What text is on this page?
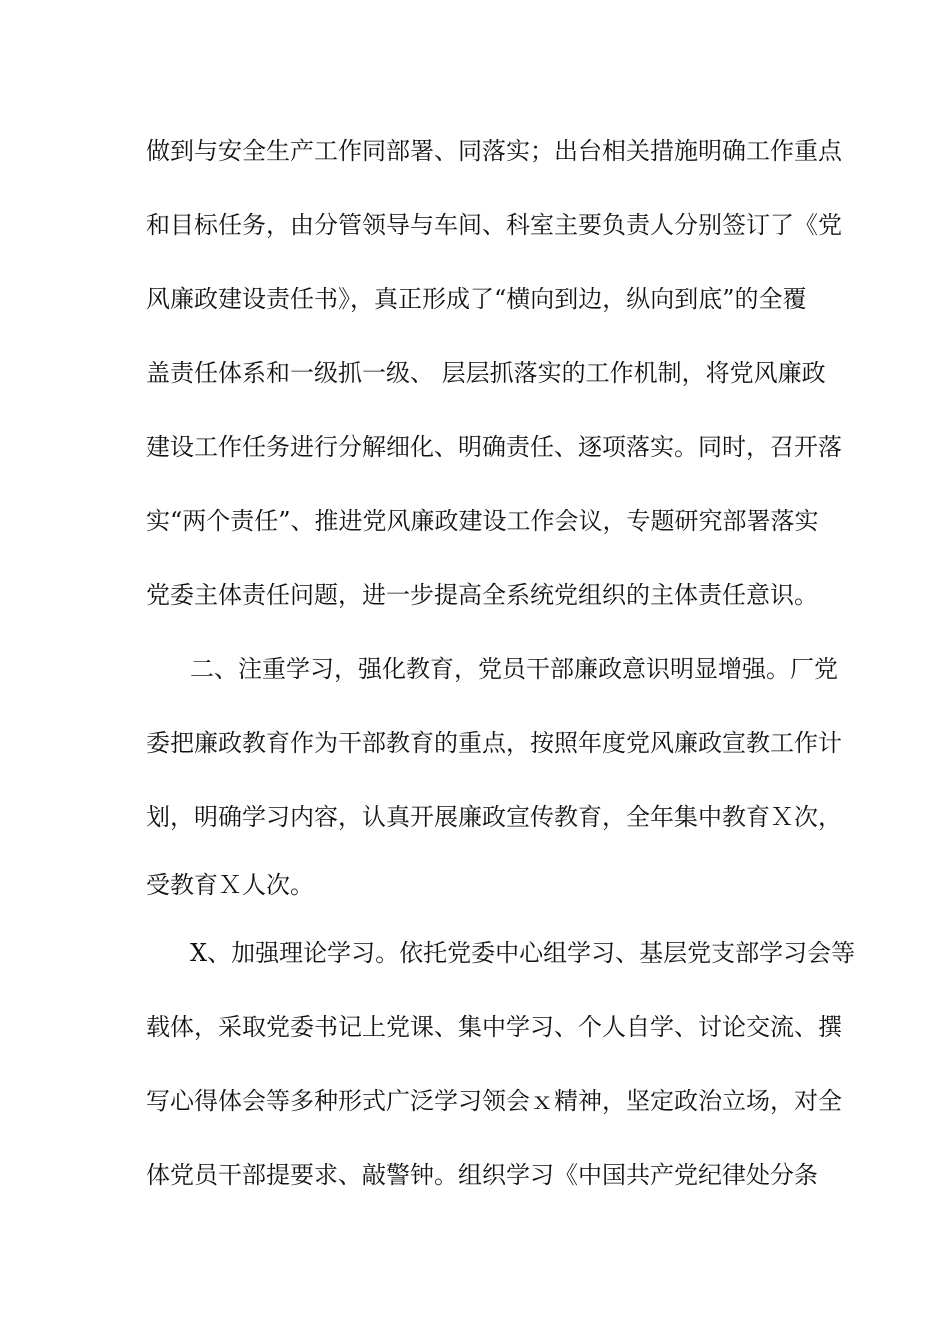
做到与安全生产工作同部署、同落实；出台相关措施明确工作重点
和目标任务，由分管领导与车间、科室主要负责人分别签订了《党
风廉政建设责任书》，真正形成了“横向到边，纵向到底”的全覆
盖责任体系和一级抓一级、 层层抓落实的工作机制，将党风廉政
建设工作任务进行分解细化、明确责任、逐项落实。同时，召开落
实“两个责任”、推进党风廉政建设工作会议，专题研究部署落实
党委主体责任问题，进一步提高全系统党组织的主体责任意识。
二、注重学习，强化教育，党员干部廉政意识明显增强。厂党
委把廉政教育作为干部教育的重点，按照年度党风廉政宣教工作计
划，明确学习内容，认真开展廉政宣传教育，全年集中教育Ｘ次，
受教育Ｘ人次。
X、加强理论学习。依托党委中心组学习、基层党支部学习会等
载体，采取党委书记上党课、集中学习、个人自学、讨论交流、撰
写心得体会等多种形式广泛学习领会ｘ精神，坚定政治立场，对全
体党员干部提要求、敲警钟。组织学习《中国共产党纪律处分条
